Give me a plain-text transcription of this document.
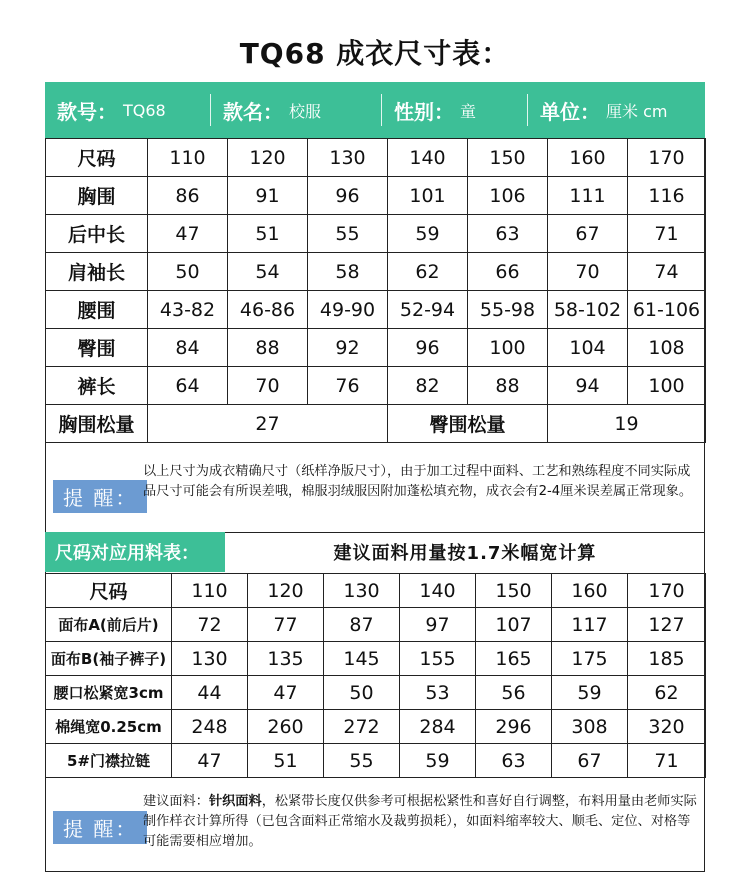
TQ68 成衣尺寸表：
款号： TQ68	款名： 校服	性别： 童	单位： 厘米 cm
尺码	110	120	130	140	150	160	170
胸围	86	91	96	101	106	111	116
后中长	47	51	55	59	63	67	71
肩袖长	50	54	58	62	66	70	74
腰围	43-82	46-86	49-90	52-94	55-98	58-102	61-106
臀围	84	88	92	96	100	104	108
裤长	64	70	76	82	88	94	100
胸围松量	27			臀围松量		19	
提 醒：
以上尺寸为成衣精确尺寸（纸样净版尺寸），由于加工过程中面料、工艺和熟练程度不同实际成品尺寸可能会有所误差哦，棉服羽绒服因附加蓬松填充物，成衣会有2-4厘米误差属正常现象。
尺码对应用料表：	建议面料用量按1.7米幅宽计算
尺码	110	120	130	140	150	160	170
面布A(前后片)	72	77	87	97	107	117	127
面布B(袖子裤子)	130	135	145	155	165	175	185
腰口松紧宽3cm	44	47	50	53	56	59	62
棉绳宽0.25cm	248	260	272	284	296	308	320
5#门襟拉链	47	51	55	59	63	67	71
提 醒：
建议面料：针织面料，松紧带长度仅供参考可根据松紧性和喜好自行调整，布料用量由老师实际制作样衣计算所得（已包含面料正常缩水及裁剪损耗），如面料缩率较大、顺毛、定位、对格等可能需要相应增加。
